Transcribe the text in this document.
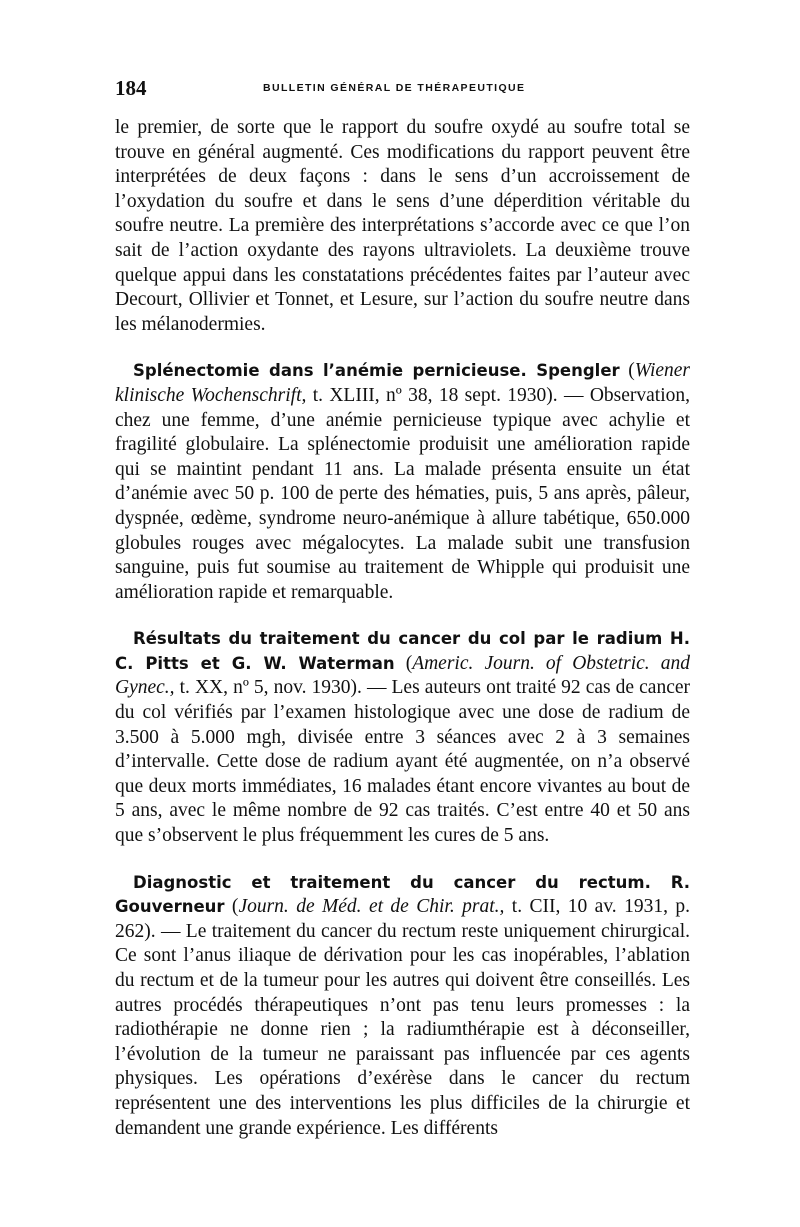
184	BULLETIN GÉNÉRAL DE THÉRAPEUTIQUE

le premier, de sorte que le rapport du soufre oxydé au soufre total se trouve en général augmenté. Ces modifications du rapport peuvent être interprétées de deux façons : dans le sens d’un accroissement de l’oxydation du soufre et dans le sens d’une déperdition véritable du soufre neutre. La première des interprétations s’accorde avec ce que l’on sait de l’action oxydante des rayons ultraviolets. La deuxième trouve quelque appui dans les constatations précédentes faites par l’auteur avec Decourt, Ollivier et Tonnet, et Lesure, sur l’action du soufre neutre dans les mélanodermies.

Splénectomie dans l’anémie pernicieuse. Spengler (Wiener klinische Wochenschrift, t. XLIII, nº 38, 18 sept. 1930). — Observation, chez une femme, d’une anémie pernicieuse typique avec achylie et fragilité globulaire. La splénectomie produisit une amélioration rapide qui se maintint pendant 11 ans. La malade présenta ensuite un état d’anémie avec 50 p. 100 de perte des hématies, puis, 5 ans après, pâleur, dyspnée, œdème, syndrome neuro-anémique à allure tabétique, 650.000 globules rouges avec mégalocytes. La malade subit une transfusion sanguine, puis fut soumise au traitement de Whipple qui produisit une amélioration rapide et remarquable.

Résultats du traitement du cancer du col par le radium H. C. Pitts et G. W. Waterman (Americ. Journ. of Obstetric. and Gynec., t. XX, nº 5, nov. 1930). — Les auteurs ont traité 92 cas de cancer du col vérifiés par l’examen histologique avec une dose de radium de 3.500 à 5.000 mgh, divisée entre 3 séances avec 2 à 3 semaines d’intervalle. Cette dose de radium ayant été augmentée, on n’a observé que deux morts immédiates, 16 malades étant encore vivantes au bout de 5 ans, avec le même nombre de 92 cas traités. C’est entre 40 et 50 ans que s’observent le plus fréquemment les cures de 5 ans.

Diagnostic et traitement du cancer du rectum. R. Gouverneur (Journ. de Méd. et de Chir. prat., t. CII, 10 av. 1931, p. 262). — Le traitement du cancer du rectum reste uniquement chirurgical. Ce sont l’anus iliaque de dérivation pour les cas inopérables, l’ablation du rectum et de la tumeur pour les autres qui doivent être conseillés. Les autres procédés thérapeutiques n’ont pas tenu leurs promesses : la radiothérapie ne donne rien ; la radiumthérapie est à déconseiller, l’évolution de la tumeur ne paraissant pas influencée par ces agents physiques. Les opérations d’exérèse dans le cancer du rectum représentent une des interventions les plus difficiles de la chirurgie et demandent une grande expérience. Les différents
